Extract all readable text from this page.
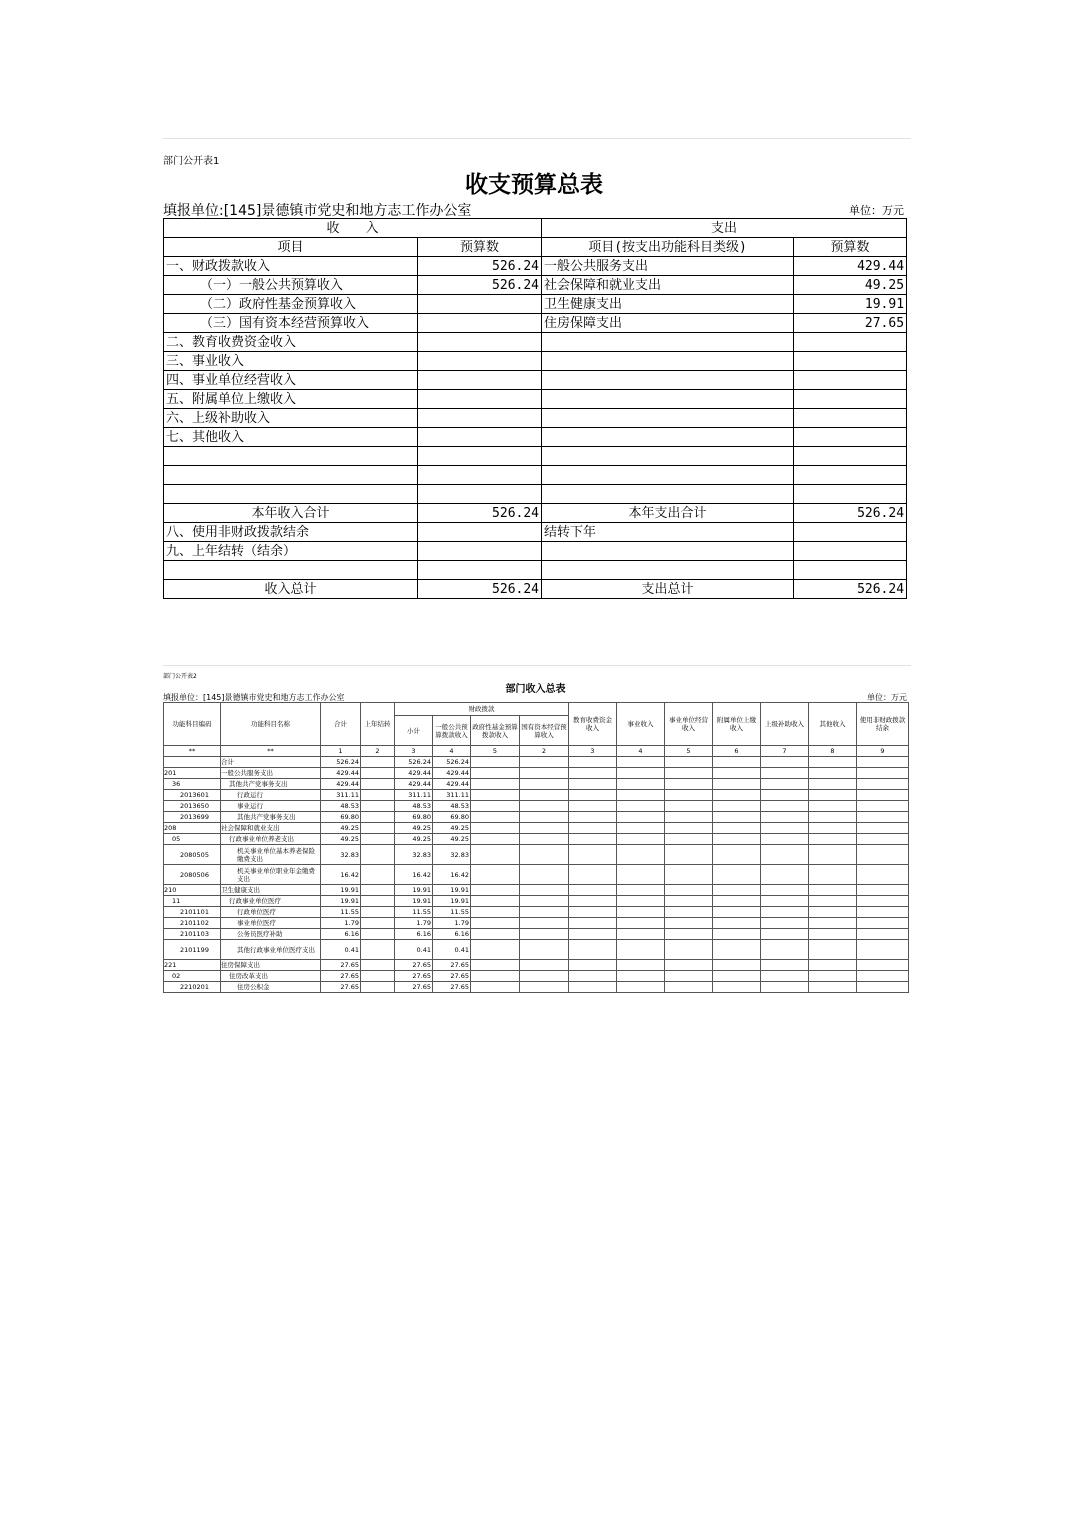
部门公开表1
收支预算总表
填报单位:[145]景德镇市党史和地方志工作办公室	单位：万元
收　　入		支出	
项目	预算数	项目(按支出功能科目类级)	预算数
一、财政拨款收入	526.24	一般公共服务支出	429.44
（一）一般公共预算收入	526.24	社会保障和就业支出	49.25
（二）政府性基金预算收入		卫生健康支出	19.91
（三）国有资本经营预算收入		住房保障支出	27.65
二、教育收费资金收入			
三、事业收入			
四、事业单位经营收入			
五、附属单位上缴收入			
六、上级补助收入			
七、其他收入			

本年收入合计	526.24	本年支出合计	526.24
八、使用非财政拨款结余		结转下年	
九、上年结转（结余）			

收入总计	526.24	支出总计	526.24
部门公开表2
部门收入总表
填报单位：[145]景德镇市党史和地方志工作办公室	单位：万元
功能科目编码	功能科目名称	合计	上年结转	财政拨款				教育收费资金收入	事业收入	事业单位经营收入	附属单位上缴收入	上级补助收入	其他收入	使用非财政拨款结余
				小计	一般公共预算拨款收入	政府性基金预算拨款收入	国有资本经营预算收入							
**	**	1	2	3	4	5	2	3	4	5	6	7	8	9
	合计	526.24		526.24	526.24									
201	一般公共服务支出	429.44		429.44	429.44									
36	其他共产党事务支出	429.44		429.44	429.44									
2013601	行政运行	311.11		311.11	311.11									
2013650	事业运行	48.53		48.53	48.53									
2013699	其他共产党事务支出	69.80		69.80	69.80									
208	社会保障和就业支出	49.25		49.25	49.25									
05	行政事业单位养老支出	49.25		49.25	49.25									
2080505	机关事业单位基本养老保险缴费支出	32.83		32.83	32.83									
2080506	机关事业单位职业年金缴费支出	16.42		16.42	16.42									
210	卫生健康支出	19.91		19.91	19.91									
11	行政事业单位医疗	19.91		19.91	19.91									
2101101	行政单位医疗	11.55		11.55	11.55									
2101102	事业单位医疗	1.79		1.79	1.79									
2101103	公务员医疗补助	6.16		6.16	6.16									
2101199	其他行政事业单位医疗支出	0.41		0.41	0.41									
221	住房保障支出	27.65		27.65	27.65									
02	住房改革支出	27.65		27.65	27.65									
2210201	住房公积金	27.65		27.65	27.65									
